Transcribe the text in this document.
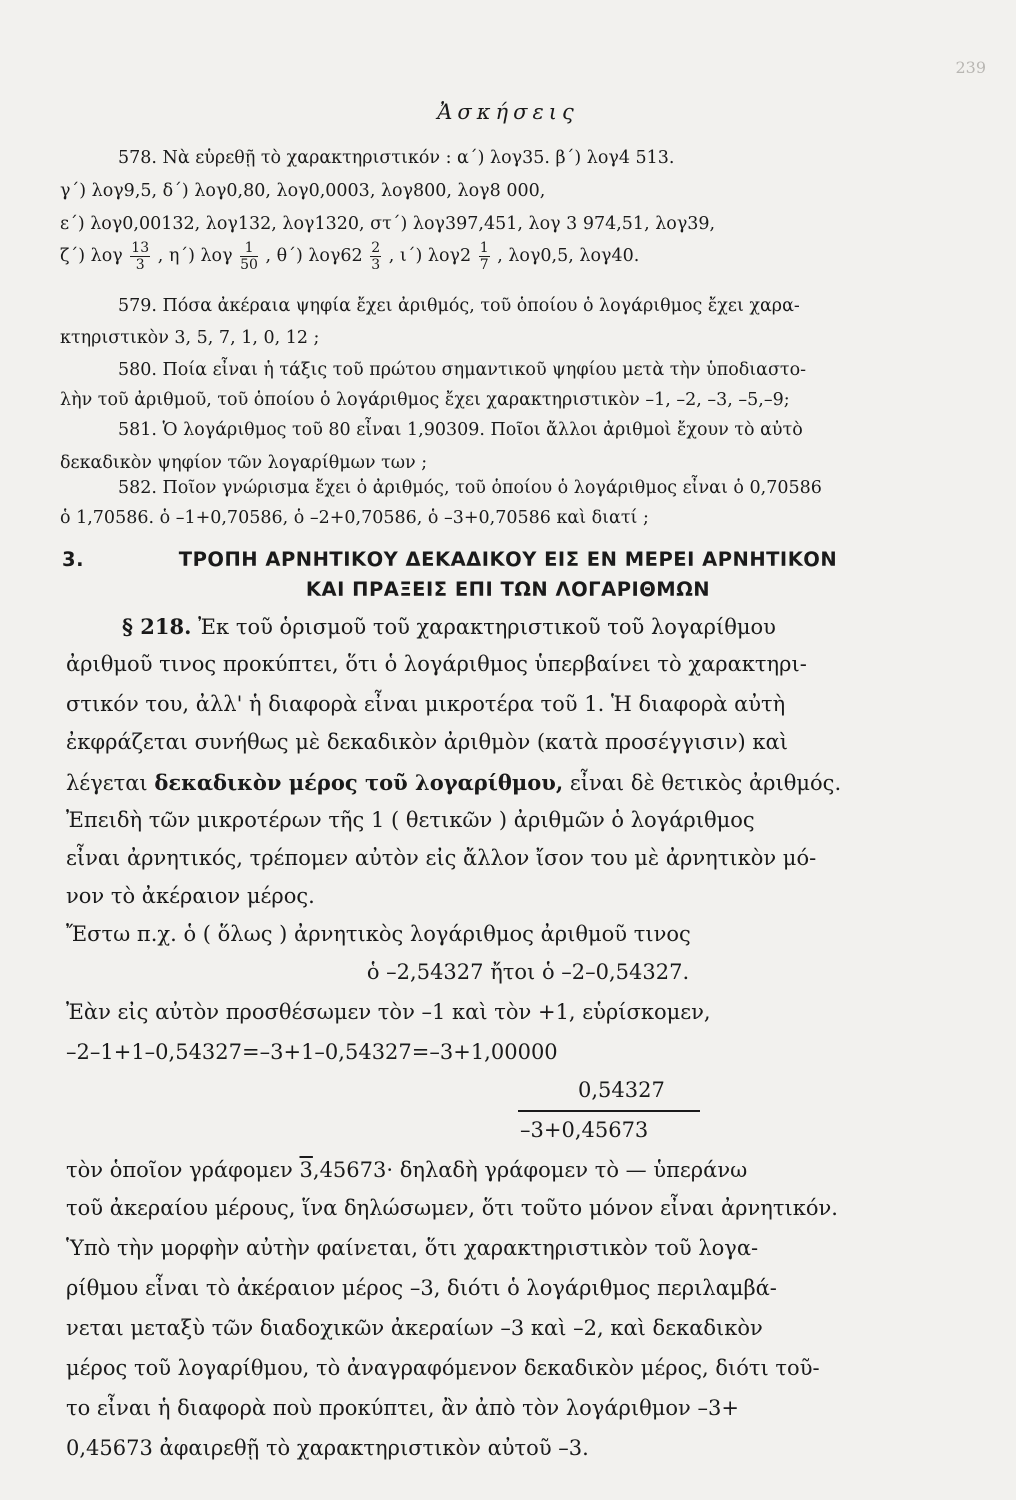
239
Ἀσκήσεις
578. Νὰ εὑρεθῇ τὸ χαρακτηριστικόν : α΄) λογ35. β΄) λογ4 513.
γ΄) λογ9,5, δ΄) λογ0,80, λογ0,0003, λογ800, λογ8 000,
ε΄) λογ0,00132, λογ132, λογ1320, στ΄) λογ397,451, λογ 3 974,51, λογ39,
ζ΄) λογ $\frac{13}{3}$ , η΄) λογ $\frac{1}{50}$ , θ΄) $\lambda o\gamma 62 \frac{2}{3}$ , ι΄) $\lambda o\gamma 2 \frac{1}{7}$ , λογ0,5, λογ40.
579. Πόσα ἀκέραια ψηφία ἔχει ἀριθμός, τοῦ ὁποίου ὁ λογάριθμος ἔχει χαρα-
κτηριστικὸν 3, 5, 7, 1, 0, 12 ;
580. Ποία εἶναι ἡ τάξις τοῦ πρώτου σημαντικοῦ ψηφίου μετὰ τὴν ὑποδιαστο-
λὴν τοῦ ἀριθμοῦ, τοῦ ὁποίου ὁ λογάριθμος ἔχει χαρακτηριστικὸν –1, –2, –3, –5,–9;
581. Ὁ λογάριθμος τοῦ 80 εἶναι 1,90309. Ποῖοι ἄλλοι ἀριθμοὶ ἔχουν τὸ αὐτὸ
δεκαδικὸν ψηφίον τῶν λογαρίθμων των ;
582. Ποῖον γνώρισμα ἔχει ὁ ἀριθμός, τοῦ ὁποίου ὁ λογάριθμος εἶναι ὁ 0,70586
ὁ 1,70586. ὁ –1+0,70586, ὁ –2+0,70586, ὁ –3+0,70586 καὶ διατί ;
3.	ΤΡΟΠΗ ΑΡΝΗΤΙΚΟΥ ΔΕΚΑΔΙΚΟΥ ΕΙΣ ΕΝ ΜΕΡΕΙ ΑΡΝΗΤΙΚΟΝ
ΚΑΙ ΠΡΑΞΕΙΣ ΕΠΙ ΤΩΝ ΛΟΓΑΡΙΘΜΩΝ
§ 218. Ἐκ τοῦ ὁρισμοῦ τοῦ χαρακτηριστικοῦ τοῦ λογαρίθμου
ἀριθμοῦ τινος προκύπτει, ὅτι ὁ λογάριθμος ὑπερβαίνει τὸ χαρακτηρι-
στικόν του, ἀλλ' ἡ διαφορὰ εἶναι μικροτέρα τοῦ 1. Ἡ διαφορὰ αὐτὴ
ἐκφράζεται συνήθως μὲ δεκαδικὸν ἀριθμὸν (κατὰ προσέγγισιν) καὶ
λέγεται δεκαδικὸν μέρος τοῦ λογαρίθμου, εἶναι δὲ θετικὸς ἀριθμός.
Ἐπειδὴ τῶν μικροτέρων τῆς 1 ( θετικῶν ) ἀριθμῶν ὁ λογάριθμος
εἶναι ἀρνητικός, τρέπομεν αὐτὸν εἰς ἄλλον ἴσον του μὲ ἀρνητικὸν μό-
νον τὸ ἀκέραιον μέρος.
Ἔστω π.χ. ὁ ( ὅλως ) ἀρνητικὸς λογάριθμος ἀριθμοῦ τινος
ὁ –2,54327 ἤτοι ὁ –2–0,54327.
Ἐὰν εἰς αὐτὸν προσθέσωμεν τὸν –1 καὶ τὸν +1, εὑρίσκομεν,
–2–1+1–0,54327=–3+1–0,54327=–3+1,00000
0,54327
–3+0,45673
τὸν ὁποῖον γράφομεν 3,45673· δηλαδὴ γράφομεν τὸ — ὑπεράνω
τοῦ ἀκεραίου μέρους, ἵνα δηλώσωμεν, ὅτι τοῦτο μόνον εἶναι ἀρνητικόν.
Ὑπὸ τὴν μορφὴν αὐτὴν φαίνεται, ὅτι χαρακτηριστικὸν τοῦ λογα-
ρίθμου εἶναι τὸ ἀκέραιον μέρος –3, διότι ὁ λογάριθμος περιλαμβά-
νεται μεταξὺ τῶν διαδοχικῶν ἀκεραίων –3 καὶ –2, καὶ δεκαδικὸν
μέρος τοῦ λογαρίθμου, τὸ ἀναγραφόμενον δεκαδικὸν μέρος, διότι τοῦ-
το εἶναι ἡ διαφορὰ ποὺ προκύπτει, ἂν ἀπὸ τὸν λογάριθμον –3+
0,45673 ἀφαιρεθῇ τὸ χαρακτηριστικὸν αὐτοῦ –3.
